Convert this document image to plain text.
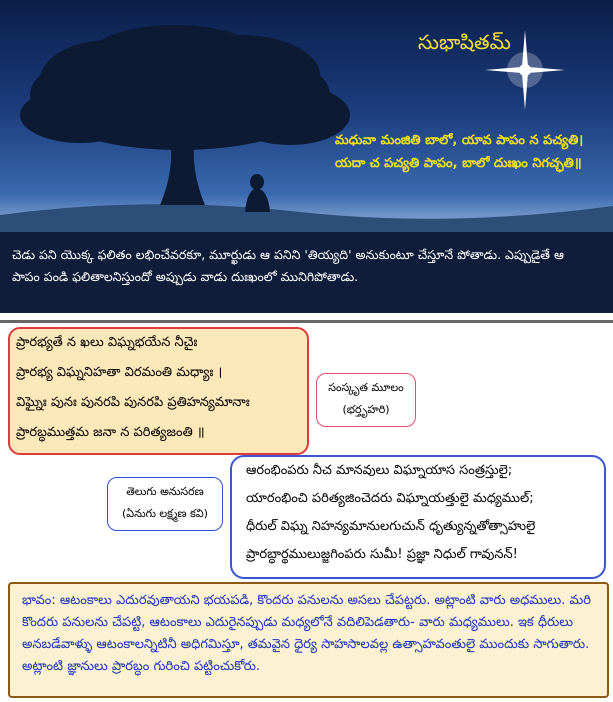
సుభాషితమ్
మధువా మంజితి బాలో, యావ పాపం న పచ్యతి।
యదా చ పచ్యతి పాపం, బాలో దుఃఖం నిగచ్ఛతి॥
చెడు పని యొక్క ఫలితం లభించేవరకూ, మూర్ఖుడు ఆ పనిని 'తియ్యది' అనుకుంటూ చేస్తూనే పోతాడు. ఎప్పుడైతే ఆ
పాపం పండి ఫలితాలనిస్తుందో అప్పుడు వాడు దుఃఖంలో మునిగిపోతాడు.
ప్రారభ్యతే న ఖలు విఘ్నభయేన నీచైః
ప్రారభ్య విఘ్ననిహతా విరమంతి మధ్యాః ।
విఘ్నైః పునః పునరపి పునరపి ప్రతిహన్యమానాః
ప్రారబ్ధముత్తమ జనా న పరిత్యజంతి ॥
సంస్కృత మూలం
(భర్తృహరి)
ఆరంభింపరు నీచ మానవులు విఘ్నాయాస సంత్రస్తులై;
యారంభించి పరిత్యజించెదరు విఘ్నాయత్తులై మధ్యముల్;
ధీరుల్ విఘ్న నిహన్యమానులగుచున్ ధృత్యున్నతోత్సాహులై
ప్రారబ్ధార్థములుజ్జగింపరు సుమీ! ప్రజ్ఞా నిధుల్ గావునన్!
తెలుగు అనుసరణ
(ఏనుగు లక్ష్మణ కవి)

భావం: ఆటంకాలు ఎదురవుతాయని భయపడి, కొందరు పనులను అసలు చేపట్టరు. అట్లాంటి వారు అధములు. మరి కొందరు పనులను చేపట్టి, ఆటంకాలు ఎదురైనప్పుడు మధ్యలోనే వదిలిపెడతారు- వారు మధ్యములు. ఇక ధీరులు అనబడేవాళ్ళు ఆటంకాలన్నిటినీ అధిగమిస్తూ, తమవైన ధైర్య సాహసాలవల్ల ఉత్సాహవంతులై ముందుకు సాగుతారు. అట్లాంటి జ్ఞానులు ప్రారబ్ధం గురించి పట్టించుకోరు.
